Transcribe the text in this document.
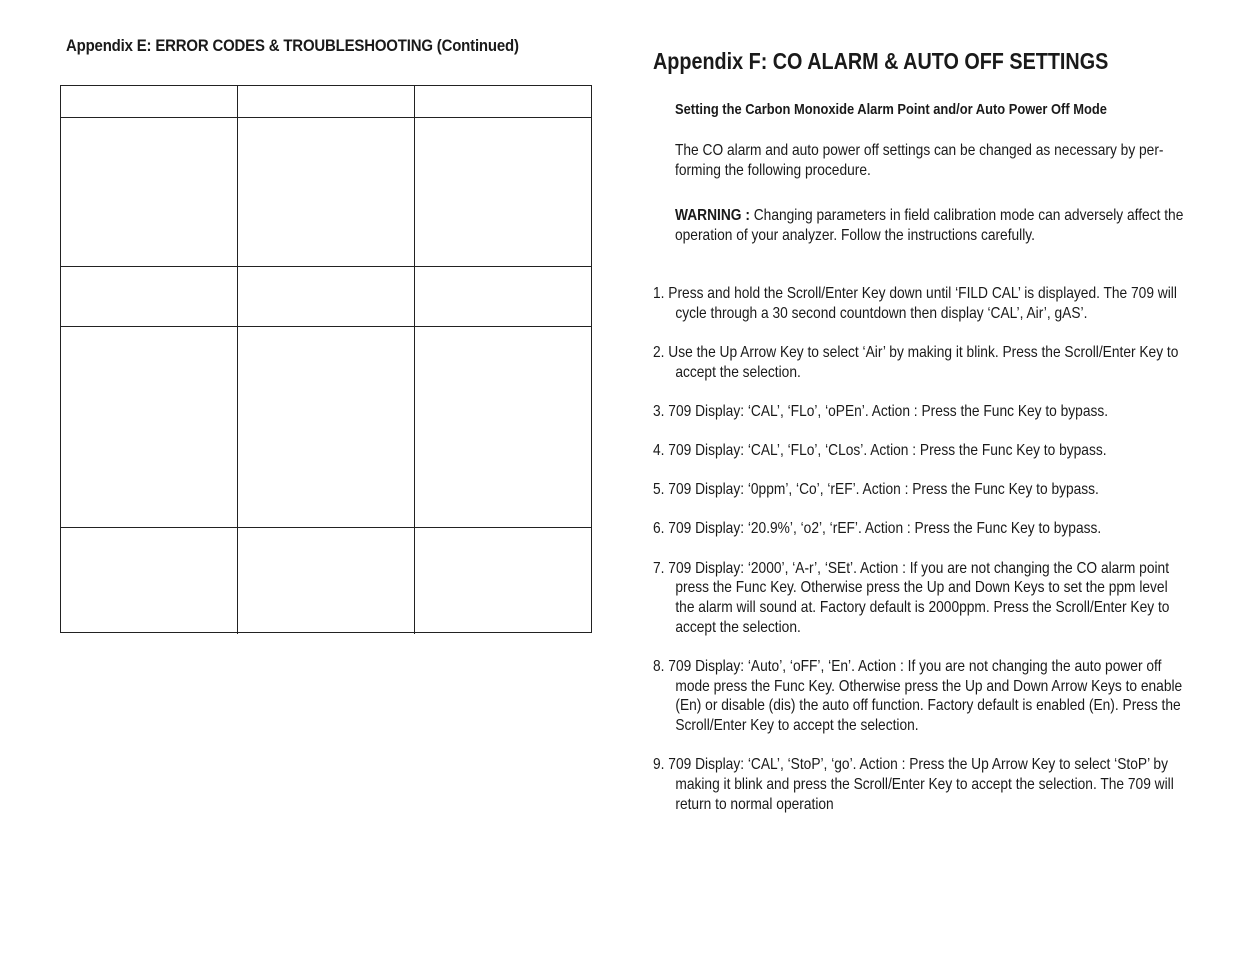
Appendix E: ERROR CODES & TROUBLESHOOTING (Continued)
Appendix F: CO ALARM & AUTO OFF SETTINGS
Setting the Carbon Monoxide Alarm Point and/or Auto Power Off Mode
The CO alarm and auto power off settings can be changed as necessary by per-forming the following procedure.
WARNING : Changing parameters in field calibration mode can adversely affect the operation of your analyzer. Follow the instructions carefully.
1. Press and hold the Scroll/Enter Key down until ‘FILD CAL’ is displayed. The 709 will cycle through a 30 second countdown then display ‘CAL’, Air’, gAS’.
2. Use the Up Arrow Key to select ‘Air’ by making it blink. Press the Scroll/Enter Key to accept the selection.
3. 709 Display: ‘CAL’, ‘FLo’, ‘oPEn’. Action : Press the Func Key to bypass.
4. 709 Display: ‘CAL’, ‘FLo’, ‘CLos’. Action : Press the Func Key to bypass.
5. 709 Display: ‘0ppm’, ‘Co’, ‘rEF’. Action : Press the Func Key to bypass.
6. 709 Display: ‘20.9%’, ‘o2’, ‘rEF’. Action : Press the Func Key to bypass.
7. 709 Display: ‘2000’, ‘A-r’, ‘SEt’. Action : If you are not changing the CO alarm point press the Func Key. Otherwise press the Up and Down Keys to set the ppm level the alarm will sound at. Factory default is 2000ppm. Press the Scroll/Enter Key to accept the selection.
8. 709 Display: ‘Auto’, ‘oFF’, ‘En’. Action : If you are not changing the auto power off mode press the Func Key. Otherwise press the Up and Down Arrow Keys to enable (En) or disable (dis) the auto off function. Factory default is enabled (En). Press the Scroll/Enter Key to accept the selection.
9. 709 Display: ‘CAL’, ‘StoP’, ‘go’. Action : Press the Up Arrow Key to select ‘StoP’ by making it blink and press the Scroll/Enter Key to accept the selection. The 709 will return to normal operation
